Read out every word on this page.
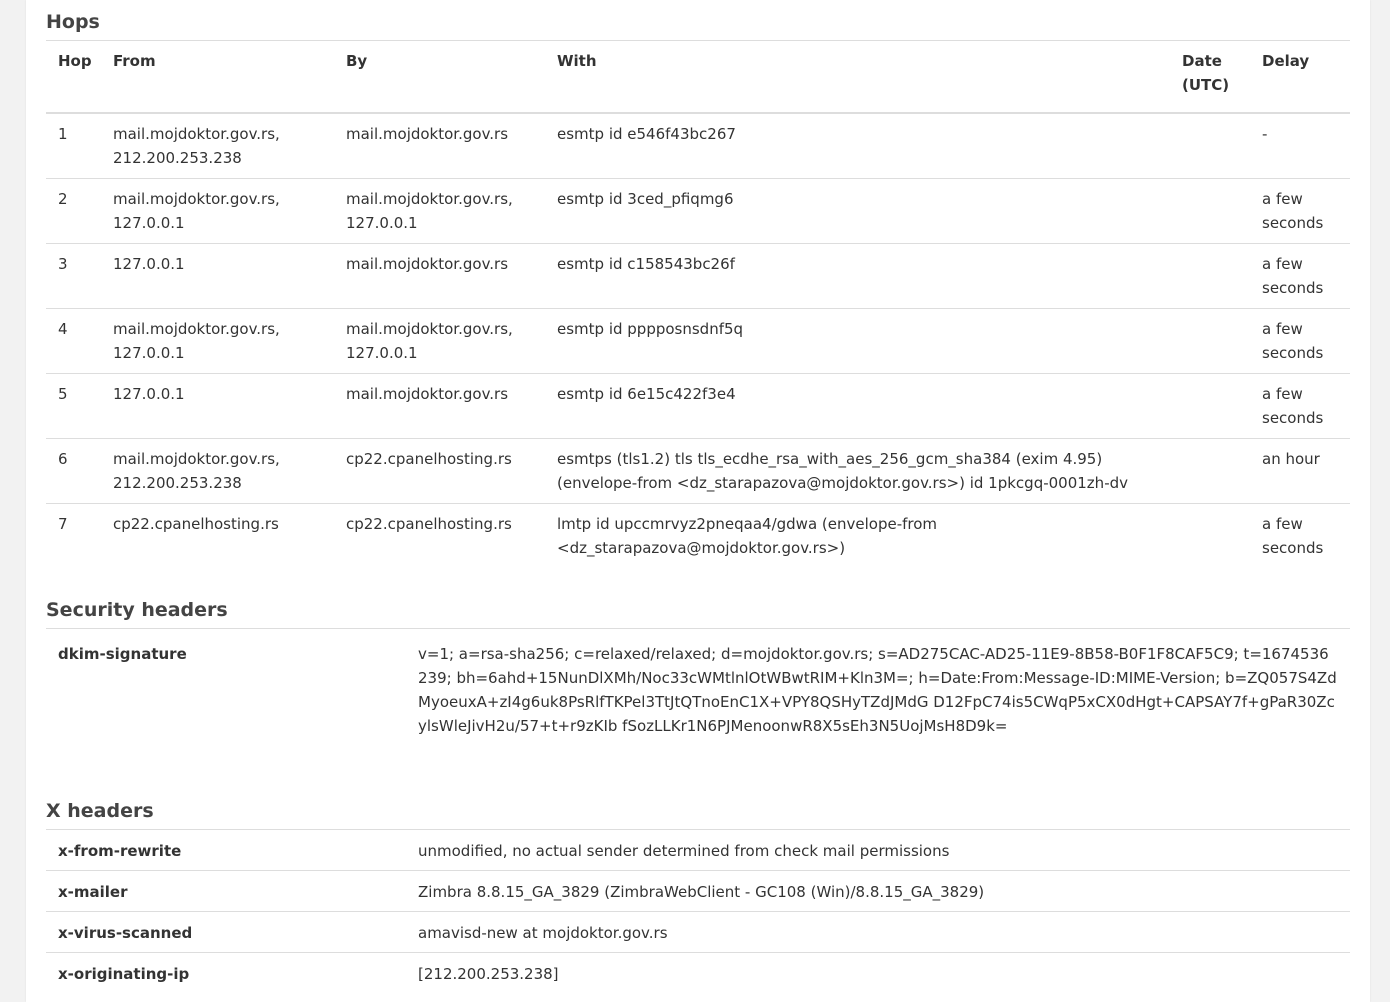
Hops
Hop	From	By	With	Date (UTC)	Delay
1	mail.mojdoktor.gov.rs, 212.200.253.238	mail.mojdoktor.gov.rs	esmtp id e546f43bc267		-
2	mail.mojdoktor.gov.rs, 127.0.0.1	mail.mojdoktor.gov.rs, 127.0.0.1	esmtp id 3ced_pfiqmg6		a few seconds
3	127.0.0.1	mail.mojdoktor.gov.rs	esmtp id c158543bc26f		a few seconds
4	mail.mojdoktor.gov.rs, 127.0.0.1	mail.mojdoktor.gov.rs, 127.0.0.1	esmtp id pppposnsdnf5q		a few seconds
5	127.0.0.1	mail.mojdoktor.gov.rs	esmtp id 6e15c422f3e4		a few seconds
6	mail.mojdoktor.gov.rs, 212.200.253.238	cp22.cpanelhosting.rs	esmtps (tls1.2) tls tls_ecdhe_rsa_with_aes_256_gcm_sha384 (exim 4.95) (envelope-from <dz_starapazova@mojdoktor.gov.rs>) id 1pkcgq-0001zh-dv		an hour
7	cp22.cpanelhosting.rs	cp22.cpanelhosting.rs	lmtp id upccmrvyz2pneqaa4/gdwa (envelope-from <dz_starapazova@mojdoktor.gov.rs>)		a few seconds
Security headers
dkim-signature	v=1; a=rsa-sha256; c=relaxed/relaxed; d=mojdoktor.gov.rs; s=AD275CAC-AD25-11E9-8B58-B0F1F8CAF5C9; t=1674536239; bh=6ahd+15NunDlXMh/Noc33cWMtlnlOtWBwtRIM+Kln3M=; h=Date:From:Message-ID:MIME-Version; b=ZQ057S4ZdMyoeuxA+zI4g6uk8PsRlfTKPel3TtJtQTnoEnC1X+VPY8QSHyTZdJMdG D12FpC74is5CWqP5xCX0dHgt+CAPSAY7f+gPaR30ZcylsWleJivH2u/57+t+r9zKIb fSozLLKr1N6PJMenoonwR8X5sEh3N5UojMsH8D9k=
X headers
x-from-rewrite	unmodified, no actual sender determined from check mail permissions
x-mailer	Zimbra 8.8.15_GA_3829 (ZimbraWebClient - GC108 (Win)/8.8.15_GA_3829)
x-virus-scanned	amavisd-new at mojdoktor.gov.rs
x-originating-ip	[212.200.253.238]
